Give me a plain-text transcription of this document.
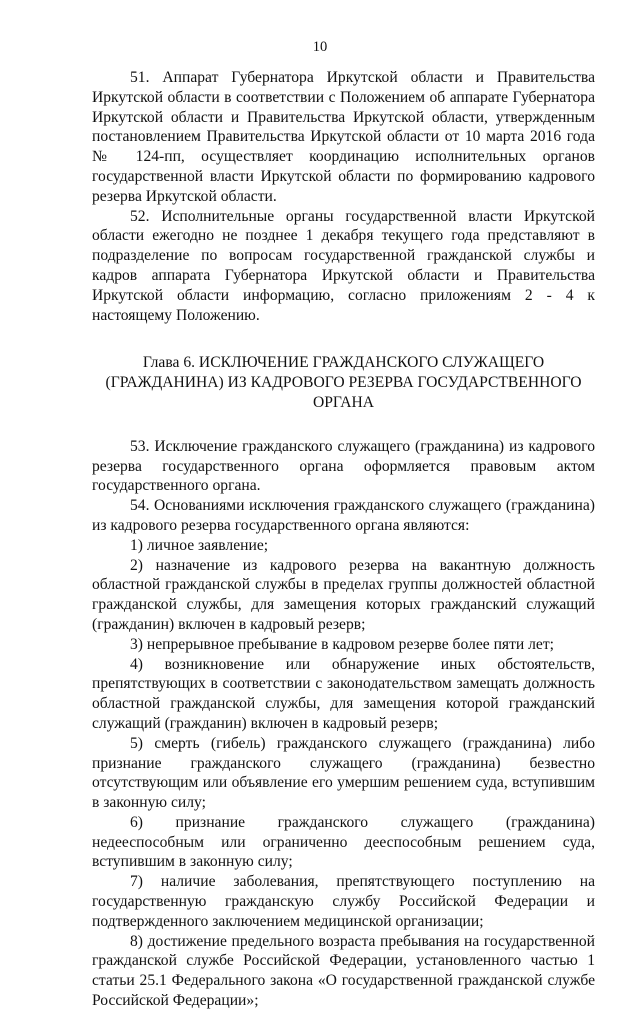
10

51. Аппарат Губернатора Иркутской области и Правительства Иркутской области в соответствии с Положением об аппарате Губернатора Иркутской области и Правительства Иркутской области, утвержденным постановлением Правительства Иркутской области от 10 марта 2016 года № 124-пп, осуществляет координацию исполнительных органов государственной власти Иркутской области по формированию кадрового резерва Иркутской области.

52. Исполнительные органы государственной власти Иркутской области ежегодно не позднее 1 декабря текущего года представляют в подразделение по вопросам государственной гражданской службы и кадров аппарата Губернатора Иркутской области и Правительства Иркутской области информацию, согласно приложениям 2 - 4 к настоящему Положению.

Глава 6. ИСКЛЮЧЕНИЕ ГРАЖДАНСКОГО СЛУЖАЩЕГО
(ГРАЖДАНИНА) ИЗ КАДРОВОГО РЕЗЕРВА ГОСУДАРСТВЕННОГО
ОРГАНА

53. Исключение гражданского служащего (гражданина) из кадрового резерва государственного органа оформляется правовым актом государственного органа.

54. Основаниями исключения гражданского служащего (гражданина) из кадрового резерва государственного органа являются:

1) личное заявление;

2) назначение из кадрового резерва на вакантную должность областной гражданской службы в пределах группы должностей областной гражданской службы, для замещения которых гражданский служащий (гражданин) включен в кадровый резерв;

3) непрерывное пребывание в кадровом резерве более пяти лет;

4) возникновение или обнаружение иных обстоятельств, препятствующих в соответствии с законодательством замещать должность областной гражданской службы, для замещения которой гражданский служащий (гражданин) включен в кадровый резерв;

5) смерть (гибель) гражданского служащего (гражданина) либо признание гражданского служащего (гражданина) безвестно отсутствующим или объявление его умершим решением суда, вступившим в законную силу;

6) признание гражданского служащего (гражданина) недееспособным или ограниченно дееспособным решением суда, вступившим в законную силу;

7) наличие заболевания, препятствующего поступлению на государственную гражданскую службу Российской Федерации и подтвержденного заключением медицинской организации;

8) достижение предельного возраста пребывания на государственной гражданской службе Российской Федерации, установленного частью 1 статьи 25.1 Федерального закона «О государственной гражданской службе Российской Федерации»;
